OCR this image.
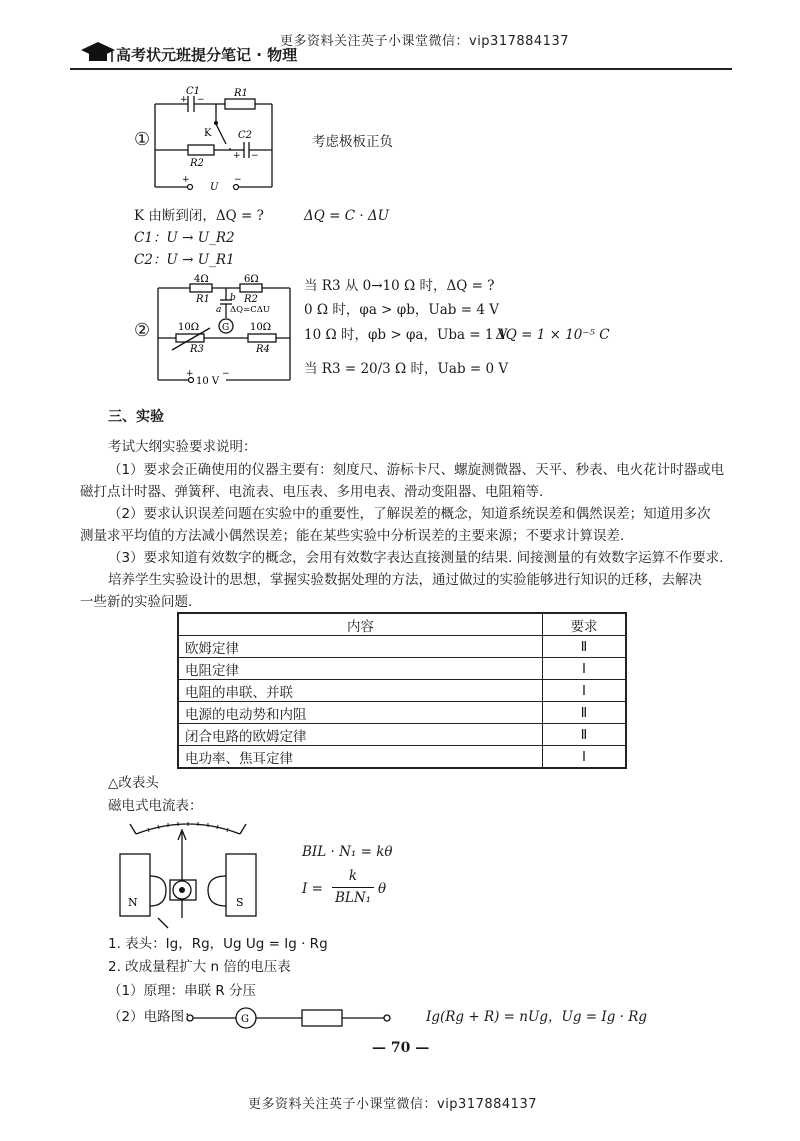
更多资料关注英子小课堂微信：vip317884137
高考状元班提分笔记 · 物理
①
C1	R1
K	C2
R2
U
+	−
+ −
+ −
考虑极板正负
K 由断到闭，ΔQ = ?	ΔQ = C · ΔU
C1：U → U_R2
C2：U → U_R1
②	G
4Ω	6Ω
R1	R2
a
b
ΔQ=CΔU
10Ω	10Ω
R3	R4
10 V
+	−
当 R3 从 0→10 Ω 时，ΔQ = ?
0 Ω 时，φa > φb，Uab = 4 V
10 Ω 时，φb > φa，Uba = 1 V
ΔQ = 1 × 10⁻⁵ C
当 R3 = 20/3 Ω 时，Uab = 0 V
三、实验
考试大纲实验要求说明：
（1）要求会正确使用的仪器主要有：刻度尺、游标卡尺、螺旋测微器、天平、秒表、电火花计时器或电
磁打点计时器、弹簧秤、电流表、电压表、多用电表、滑动变阻器、电阻箱等.
（2）要求认识误差问题在实验中的重要性，了解误差的概念，知道系统误差和偶然误差；知道用多次
测量求平均值的方法减小偶然误差；能在某些实验中分析误差的主要来源；不要求计算误差.
（3）要求知道有效数字的概念，会用有效数字表达直接测量的结果. 间接测量的有效数字运算不作要求.
培养学生实验设计的思想，掌握实验数据处理的方法，通过做过的实验能够进行知识的迁移，去解决
一些新的实验问题.
内容	要求
欧姆定律	Ⅱ
电阻定律	Ⅰ
电阻的串联、并联	Ⅰ
电源的电动势和内阻	Ⅱ
闭合电路的欧姆定律	Ⅱ
电功率、焦耳定律	Ⅰ
△改表头
磁电式电流表：
N	S
BIL · N₁ = kθ
I =
k
BLN₁
θ
1. 表头：Ig，Rg，Ug Ug = Ig · Rg
2. 改成量程扩大 n 倍的电压表
（1）原理：串联 R 分压
（2）电路图：	G	Ig(Rg + R) = nUg，Ug = Ig · Rg
— 70 —
更多资料关注英子小课堂微信：vip317884137
